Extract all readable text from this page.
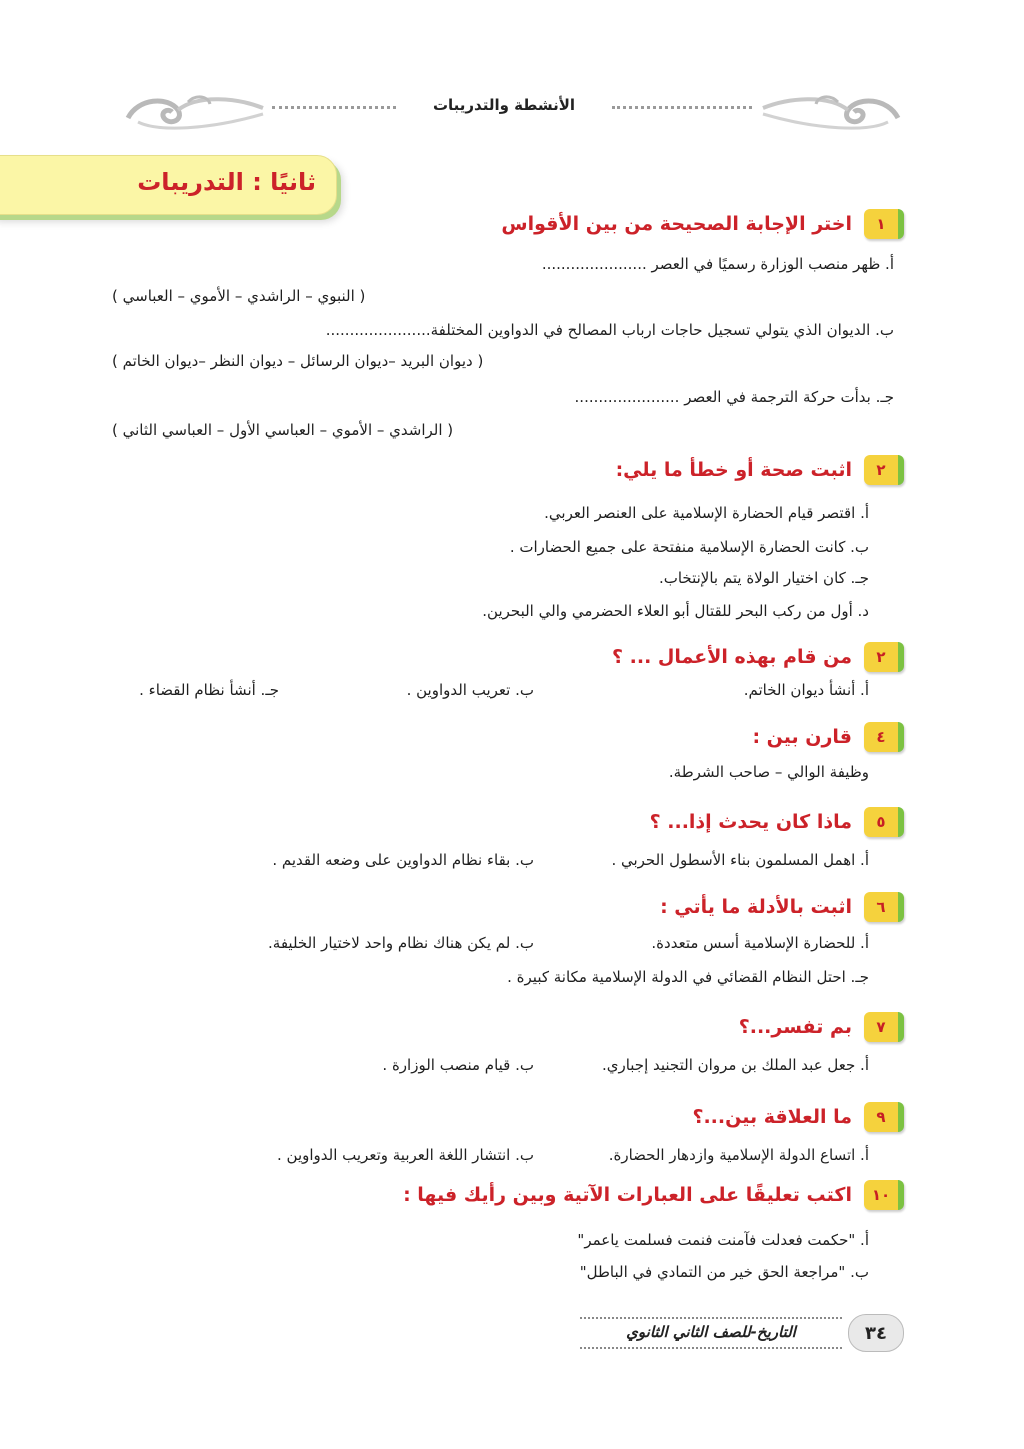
الأنشطة والتدريبات
ثانيًا : التدريبات
١
اختر الإجابة الصحيحة من بين الأقواس
أ. ظهر منصب الوزارة رسميًا في العصر ......................
( النبوي – الراشدي – الأموي – العباسي )
ب. الديوان الذي يتولي تسجيل حاجات ارباب المصالح في الدواوين المختلفة......................
( ديوان البريد –ديوان الرسائل – ديوان النظر –ديوان الخاتم )
جـ. بدأت حركة الترجمة في العصر ......................
( الراشدي – الأموي – العباسي الأول – العباسي الثاني )
٢
اثبت صحة أو خطأ ما يلي:
أ. اقتصر قيام الحضارة الإسلامية على العنصر العربي.
ب. كانت الحضارة الإسلامية منفتحة على جميع الحضارات .
جـ. كان اختيار الولاة يتم بالإنتخاب.
د. أول من ركب البحر للقتال أبو العلاء الحضرمي والي البحرين.
٢
من قام بهذه الأعمال ... ؟
أ. أنشأ ديوان الخاتم.
ب. تعريب الدواوين .
جـ. أنشأ نظام القضاء .
٤
قارن بين :
وظيفة الوالي – صاحب الشرطة.
٥
ماذا كان يحدث إذا... ؟
أ. اهمل المسلمون بناء الأسطول الحربي .
ب. بقاء نظام الدواوين على وضعه القديم .
٦
اثبت بالأدلة ما يأتي :
أ. للحضارة الإسلامية أسس متعددة.
ب. لم يكن هناك نظام واحد لاختيار الخليفة.
جـ. احتل النظام القضائي في الدولة الإسلامية مكانة كبيرة .
٧
بم تفسر...؟
أ. جعل عبد الملك بن مروان التجنيد إجباري.
ب. قيام منصب الوزارة .
٩
ما العلاقة بين...؟
أ. اتساع الدولة الإسلامية وازدهار الحضارة.
ب. انتشار اللغة العربية وتعريب الدواوين .
١٠
اكتب تعليقًا على العبارات الآتية وبين رأيك فيها :
أ. "حكمت فعدلت فآمنت فنمت فسلمت ياعمر"
ب. "مراجعة الحق خير من التمادي في الباطل"
التاريخ-للصف الثاني الثانوي	٣٤
